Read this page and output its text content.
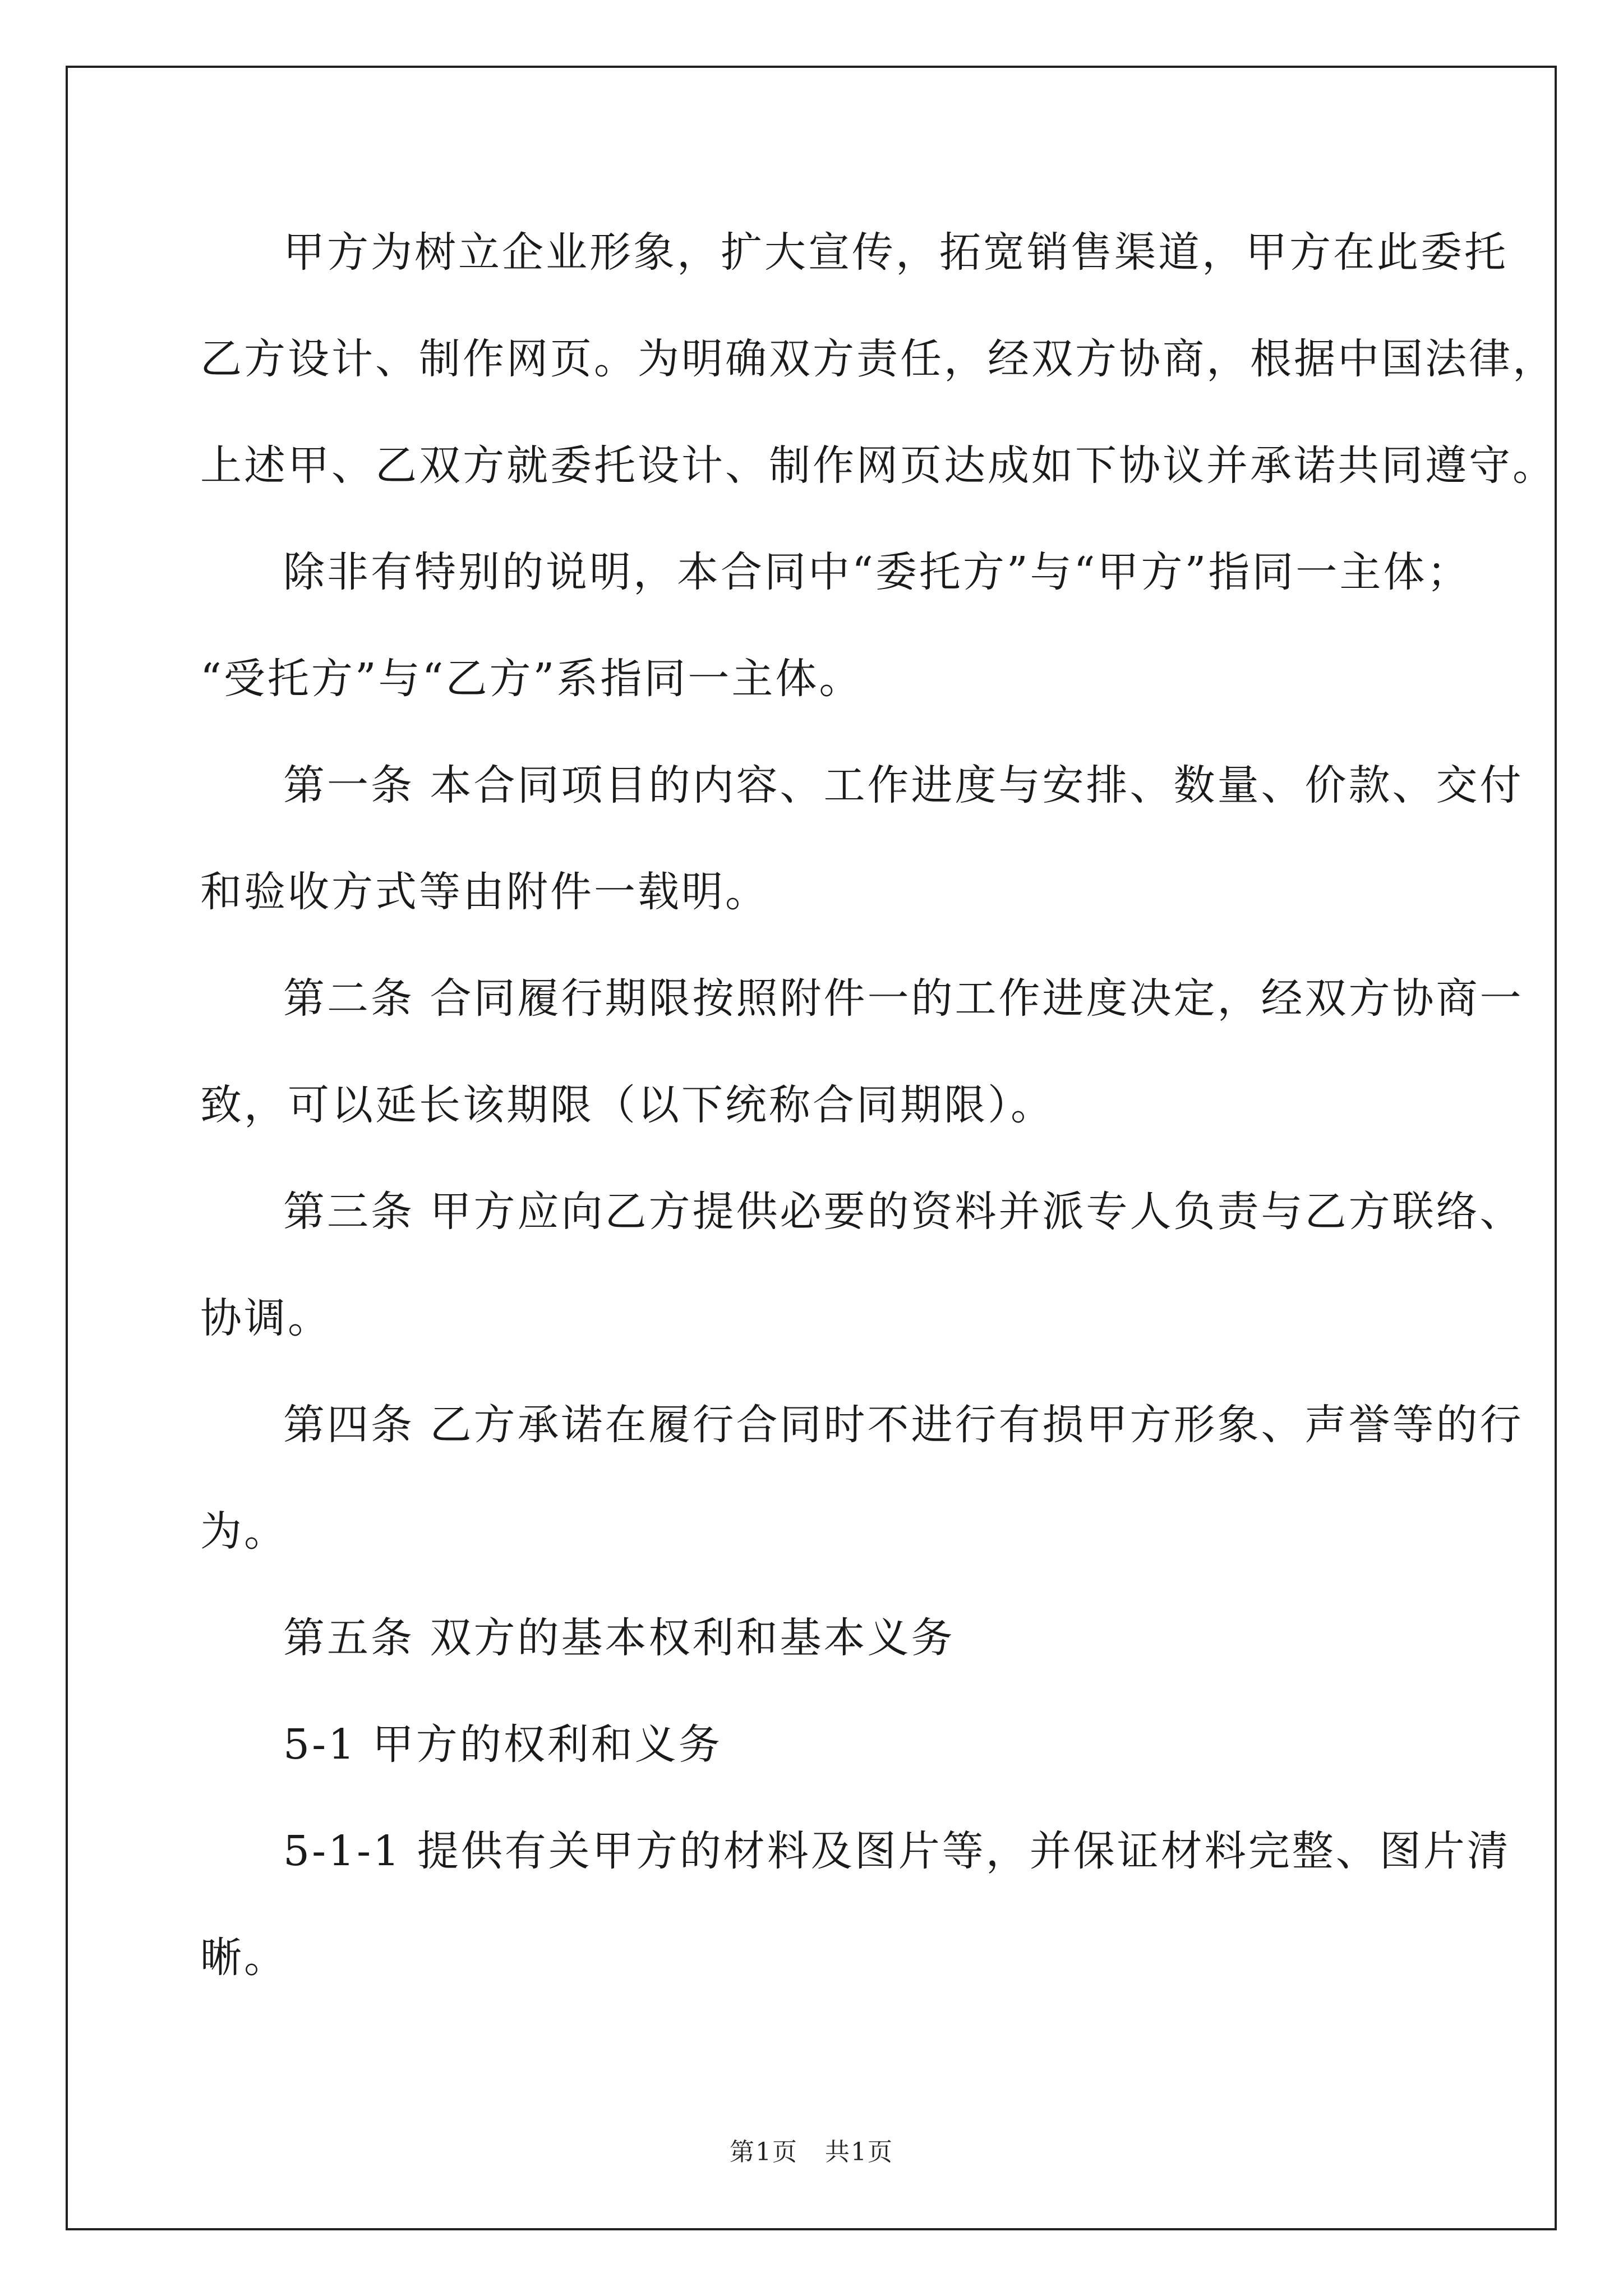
甲方为树立企业形象，扩大宣传，拓宽销售渠道，甲方在此委托

乙方设计、制作网页。为明确双方责任，经双方协商，根据中国法律，

上述甲、乙双方就委托设计、制作网页达成如下协议并承诺共同遵守。

除非有特别的说明，本合同中“委托方”与“甲方”指同一主体；

“受托方”与“乙方”系指同一主体。

第一条 本合同项目的内容、工作进度与安排、数量、价款、交付

和验收方式等由附件一载明。

第二条 合同履行期限按照附件一的工作进度决定，经双方协商一

致，可以延长该期限（以下统称合同期限）。

第三条 甲方应向乙方提供必要的资料并派专人负责与乙方联络、

协调。

第四条 乙方承诺在履行合同时不进行有损甲方形象、声誉等的行

为。

第五条 双方的基本权利和基本义务

5-1 甲方的权利和义务

5-1-1 提供有关甲方的材料及图片等，并保证材料完整、图片清

晰。

第1页 共1页
